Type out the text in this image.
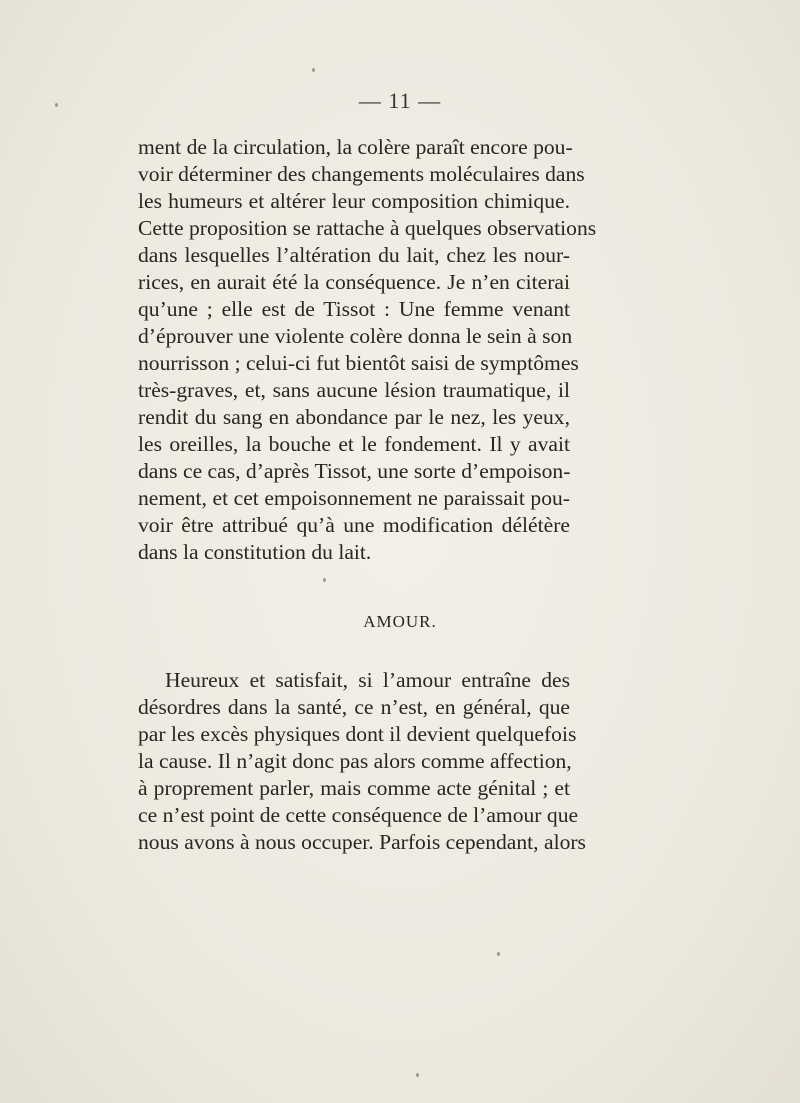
— 11 —
ment de la circulation, la colère paraît encore pou-
voir déterminer des changements moléculaires dans
les humeurs et altérer leur composition chimique.
Cette proposition se rattache à quelques observations
dans lesquelles l’altération du lait, chez les nour-
rices, en aurait été la conséquence. Je n’en citerai
qu’une ; elle est de Tissot : Une femme venant
d’éprouver une violente colère donna le sein à son
nourrisson ; celui-ci fut bientôt saisi de symptômes
très-graves, et, sans aucune lésion traumatique, il
rendit du sang en abondance par le nez, les yeux,
les oreilles, la bouche et le fondement. Il y avait
dans ce cas, d’après Tissot, une sorte d’empoison-
nement, et cet empoisonnement ne paraissait pou-
voir être attribué qu’à une modification délétère
dans la constitution du lait.
AMOUR.
Heureux et satisfait, si l’amour entraîne des
désordres dans la santé, ce n’est, en général, que
par les excès physiques dont il devient quelquefois
la cause. Il n’agit donc pas alors comme affection,
à proprement parler, mais comme acte génital ; et
ce n’est point de cette conséquence de l’amour que
nous avons à nous occuper. Parfois cependant, alors
